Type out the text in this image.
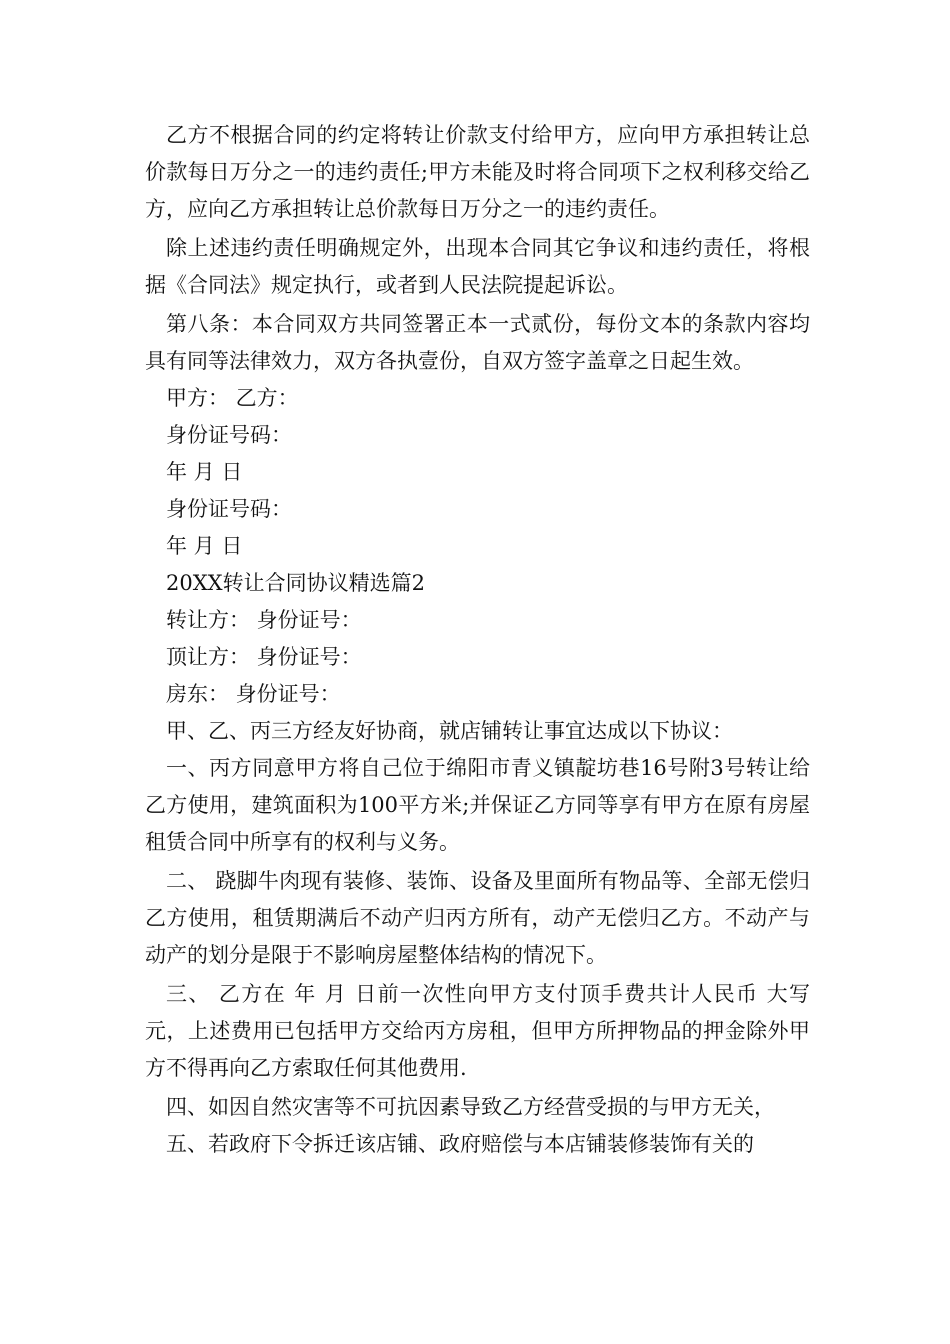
乙方不根据合同的约定将转让价款支付给甲方，应向甲方承担转让总价款每日万分之一的违约责任;甲方未能及时将合同项下之权利移交给乙方，应向乙方承担转让总价款每日万分之一的违约责任。

除上述违约责任明确规定外，出现本合同其它争议和违约责任，将根据《合同法》规定执行，或者到人民法院提起诉讼。

第八条：本合同双方共同签署正本一式贰份，每份文本的条款内容均具有同等法律效力，双方各执壹份，自双方签字盖章之日起生效。

甲方： 乙方：

身份证号码：

年 月 日

身份证号码：

年 月 日

20XX转让合同协议精选篇2

转让方： 身份证号：

顶让方： 身份证号：

房东： 身份证号：

甲、乙、丙三方经友好协商，就店铺转让事宜达成以下协议：

一、丙方同意甲方将自己位于绵阳市青义镇靛坊巷16号附3号转让给乙方使用，建筑面积为100平方米;并保证乙方同等享有甲方在原有房屋租赁合同中所享有的权利与义务。

二、 跷脚牛肉现有装修、装饰、设备及里面所有物品等、全部无偿归乙方使用，租赁期满后不动产归丙方所有，动产无偿归乙方。不动产与动产的划分是限于不影响房屋整体结构的情况下。

三、 乙方在 年 月 日前一次性向甲方支付顶手费共计人民币 大写 元，上述费用已包括甲方交给丙方房租，但甲方所押物品的押金除外甲方不得再向乙方索取任何其他费用.

四、如因自然灾害等不可抗因素导致乙方经营受损的与甲方无关，

五、若政府下令拆迁该店铺、政府赔偿与本店铺装修装饰有关的
